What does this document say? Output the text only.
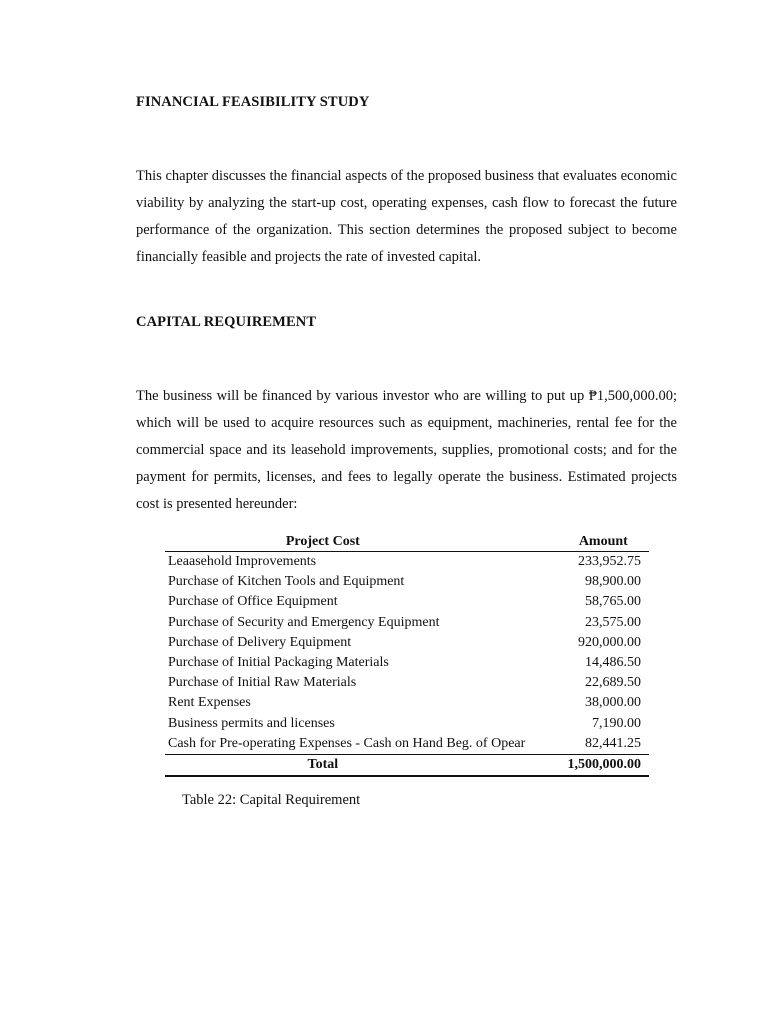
FINANCIAL FEASIBILITY STUDY
This chapter discusses the financial aspects of the proposed business that evaluates economic viability by analyzing the start-up cost, operating expenses, cash flow to forecast the future performance of the organization. This section determines the proposed subject to become financially feasible and projects the rate of invested capital.
CAPITAL REQUIREMENT
The business will be financed by various investor who are willing to put up ₱1,500,000.00; which will be used to acquire resources such as equipment, machineries, rental fee for the commercial space and its leasehold improvements, supplies, promotional costs; and for the payment for permits, licenses, and fees to legally operate the business. Estimated projects cost is presented hereunder:
Project Cost	Amount
Leaasehold Improvements	233,952.75
Purchase of Kitchen Tools and Equipment	98,900.00
Purchase of Office Equipment	58,765.00
Purchase of Security and Emergency Equipment	23,575.00
Purchase of Delivery Equipment	920,000.00
Purchase of Initial Packaging Materials	14,486.50
Purchase of Initial Raw Materials	22,689.50
Rent Expenses	38,000.00
Business permits and licenses	7,190.00
Cash for Pre-operating Expenses - Cash on Hand Beg. of Opear	82,441.25
Total	1,500,000.00
Table 22: Capital Requirement
